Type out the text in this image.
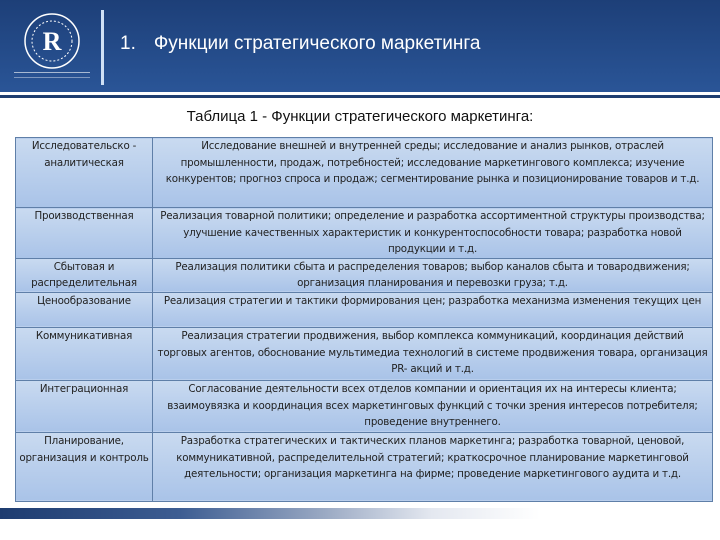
R	1. Функции стратегического маркетинга
Таблица 1 - Функции стратегического маркетинга:
Исследовательско - аналитическая	Исследование внешней и внутренней среды; исследование и анализ рынков, отраслей промышленности, продаж, потребностей; исследование маркетингового комплекса; изучение конкурентов; прогноз спроса и продаж; сегментирование рынка и позиционирование товаров и т.д.
Производственная	Реализация товарной политики; определение и разработка ассортиментной структуры производства; улучшение качественных характеристик и конкурентоспособности товара; разработка новой продукции и т.д.
Сбытовая и распределительная	Реализация политики сбыта и распределения товаров; выбор каналов сбыта и товародвижения; организация планирования и перевозки груза; т.д.
Ценообразование	Реализация стратегии и тактики формирования цен; разработка механизма изменения текущих цен
Коммуникативная	Реализация стратегии продвижения, выбор комплекса коммуникаций, координация действий торговых агентов, обоснование мультимедиа технологий в системе продвижения товара, организация PR- акций и т.д.
Интеграционная	Согласование деятельности всех отделов компании и ориентация их на интересы клиента; взаимоувязка и координация всех маркетинговых функций с точки зрения интересов потребителя; проведение внутреннего.
Планирование, организация и контроль	Разработка стратегических и тактических планов маркетинга; разработка товарной, ценовой, коммуникативной, распределительной стратегий; краткосрочное планирование маркетинговой деятельности; организация маркетинга на фирме; проведение маркетингового аудита и т.д.
